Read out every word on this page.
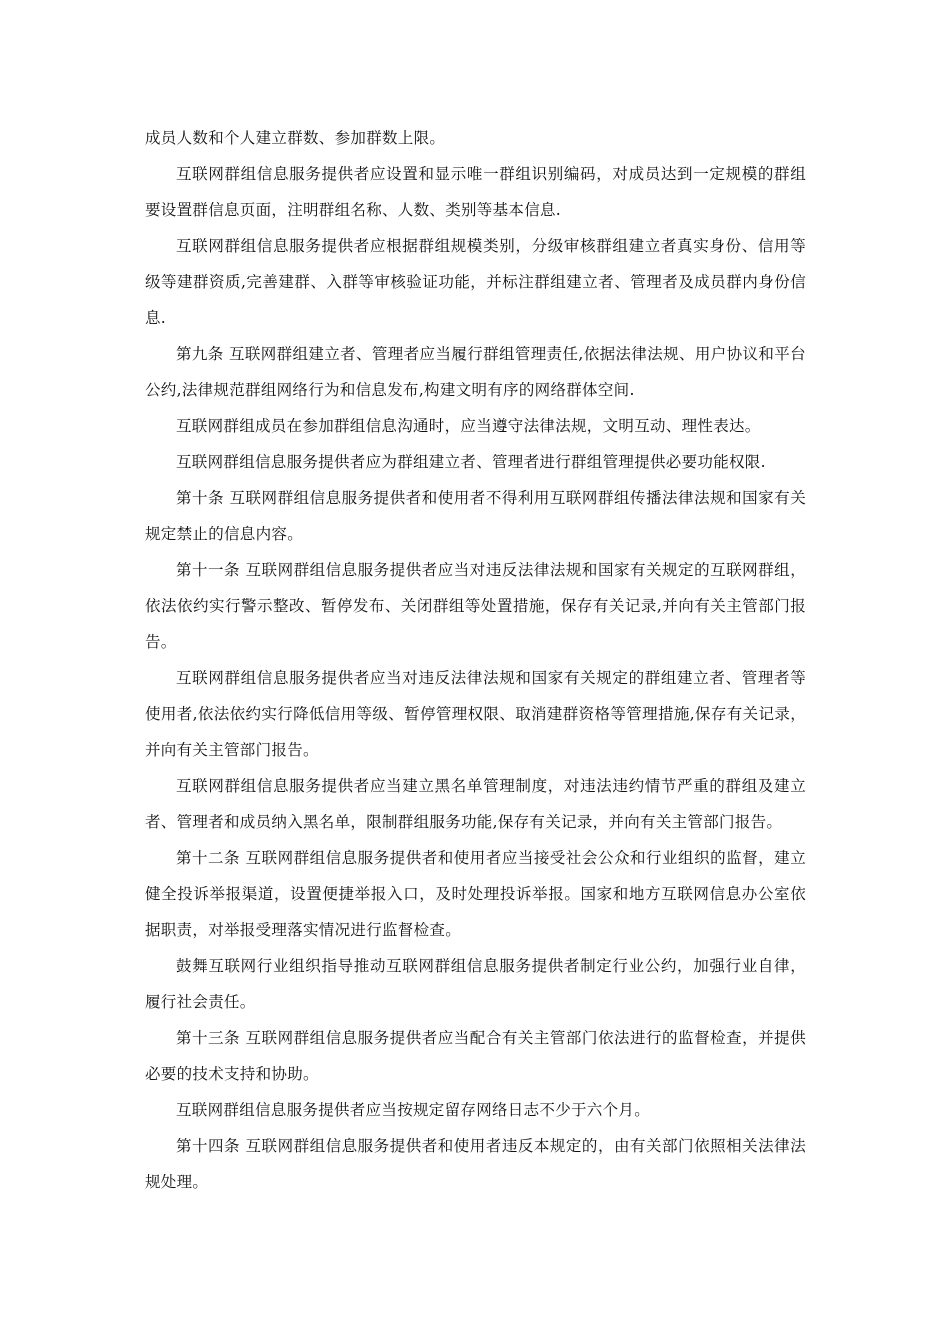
成员人数和个人建立群数、参加群数上限。

互联网群组信息服务提供者应设置和显示唯一群组识别编码，对成员达到一定规模的群组要设置群信息页面，注明群组名称、人数、类别等基本信息.

互联网群组信息服务提供者应根据群组规模类别，分级审核群组建立者真实身份、信用等级等建群资质,完善建群、入群等审核验证功能，并标注群组建立者、管理者及成员群内身份信息.

第九条 互联网群组建立者、管理者应当履行群组管理责任,依据法律法规、用户协议和平台公约,法律规范群组网络行为和信息发布,构建文明有序的网络群体空间.

互联网群组成员在参加群组信息沟通时，应当遵守法律法规，文明互动、理性表达。

互联网群组信息服务提供者应为群组建立者、管理者进行群组管理提供必要功能权限.

第十条 互联网群组信息服务提供者和使用者不得利用互联网群组传播法律法规和国家有关规定禁止的信息内容。

第十一条 互联网群组信息服务提供者应当对违反法律法规和国家有关规定的互联网群组，依法依约实行警示整改、暂停发布、关闭群组等处置措施，保存有关记录,并向有关主管部门报告。

互联网群组信息服务提供者应当对违反法律法规和国家有关规定的群组建立者、管理者等使用者,依法依约实行降低信用等级、暂停管理权限、取消建群资格等管理措施,保存有关记录，并向有关主管部门报告。

互联网群组信息服务提供者应当建立黑名单管理制度，对违法违约情节严重的群组及建立者、管理者和成员纳入黑名单，限制群组服务功能,保存有关记录，并向有关主管部门报告。

第十二条 互联网群组信息服务提供者和使用者应当接受社会公众和行业组织的监督，建立健全投诉举报渠道，设置便捷举报入口，及时处理投诉举报。国家和地方互联网信息办公室依据职责，对举报受理落实情况进行监督检查。

鼓舞互联网行业组织指导推动互联网群组信息服务提供者制定行业公约，加强行业自律，履行社会责任。

第十三条 互联网群组信息服务提供者应当配合有关主管部门依法进行的监督检查，并提供必要的技术支持和协助。

互联网群组信息服务提供者应当按规定留存网络日志不少于六个月。

第十四条 互联网群组信息服务提供者和使用者违反本规定的，由有关部门依照相关法律法规处理。
